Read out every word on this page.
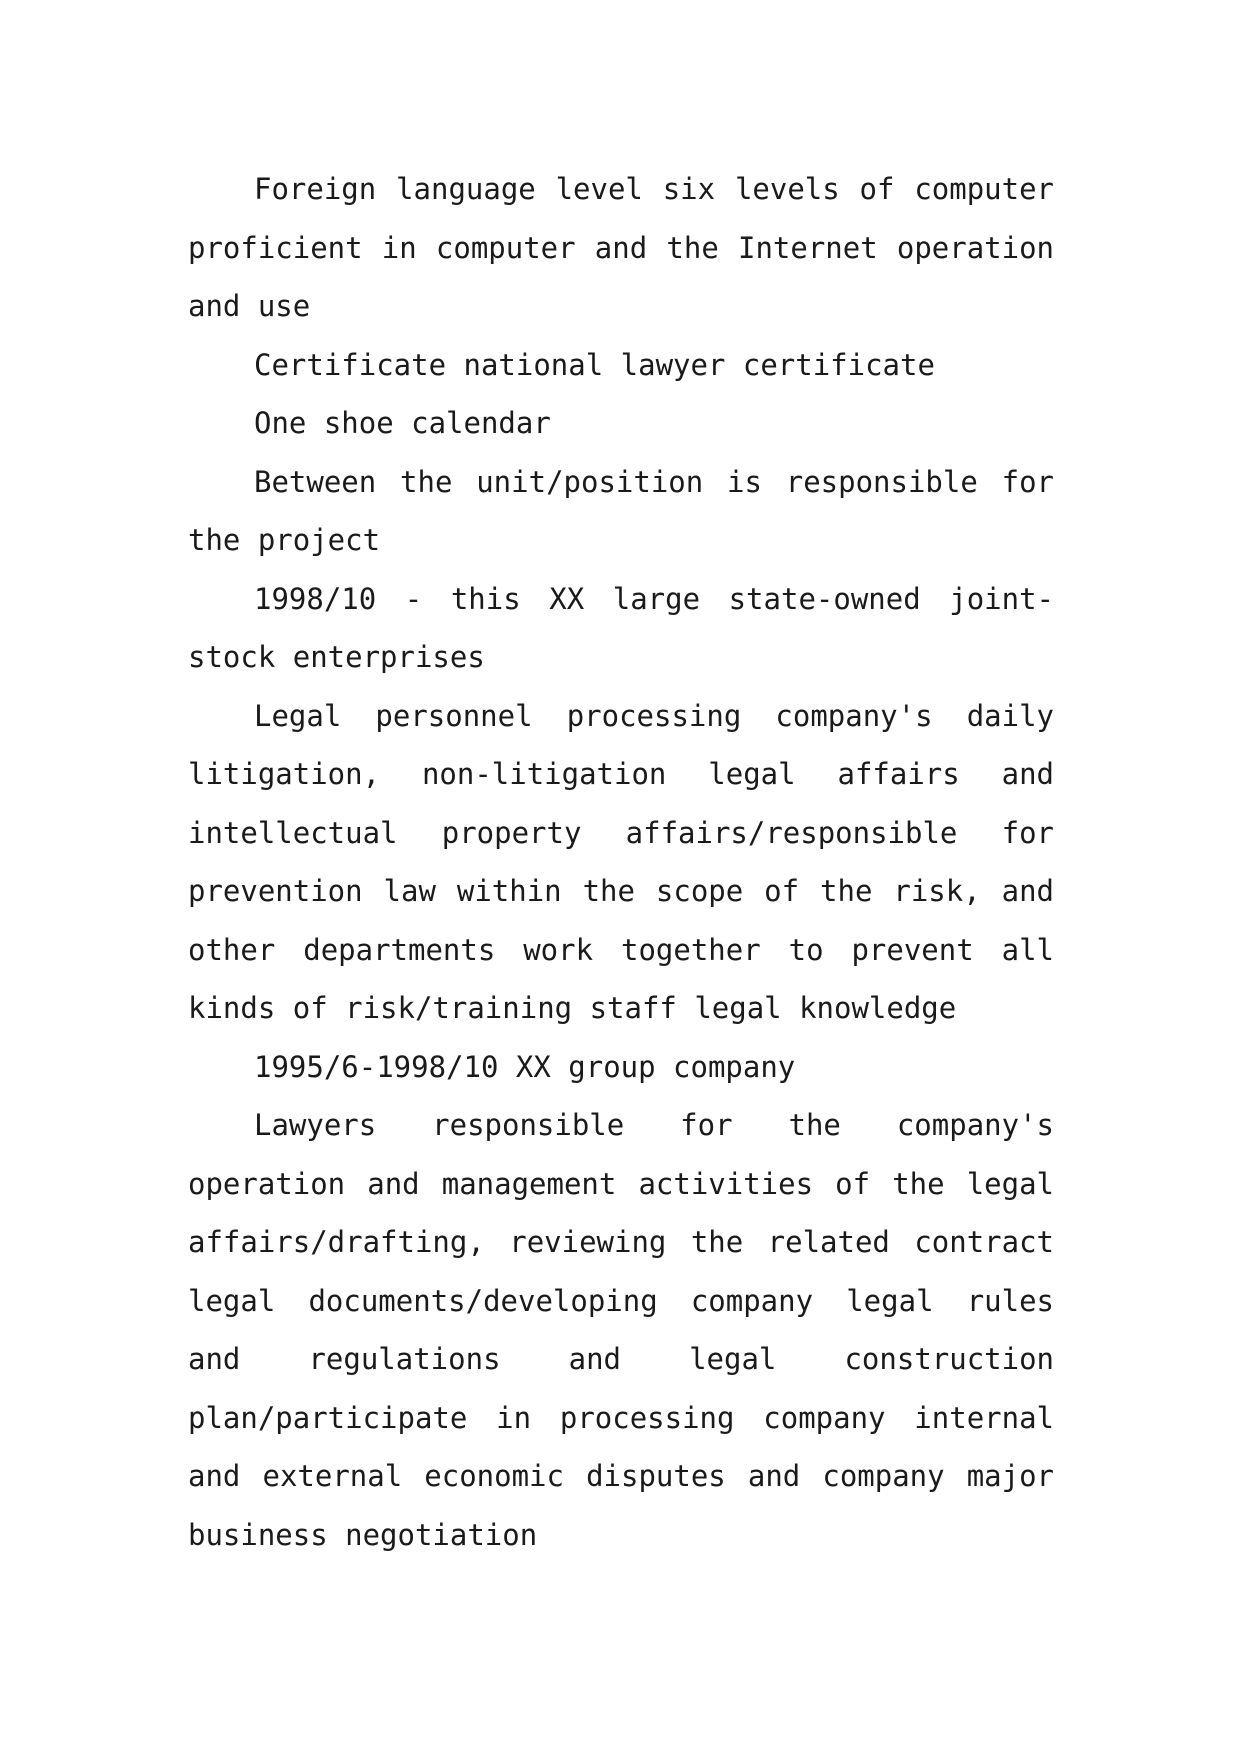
Foreign language level six levels of computer proficient in computer and the Internet operation and use

Certificate national lawyer certificate

One shoe calendar

Between the unit/position is responsible for the project

1998/10 - this XX large state-owned joint-stock enterprises

Legal personnel processing company's daily litigation, non-litigation legal affairs and intellectual property affairs/responsible for prevention law within the scope of the risk, and other departments work together to prevent all kinds of risk/training staff legal knowledge

1995/6-1998/10 XX group company

Lawyers responsible for the company's operation and management activities of the legal affairs/drafting, reviewing the related contract legal documents/developing company legal rules and regulations and legal construction plan/participate in processing company internal and external economic disputes and company major business negotiation
